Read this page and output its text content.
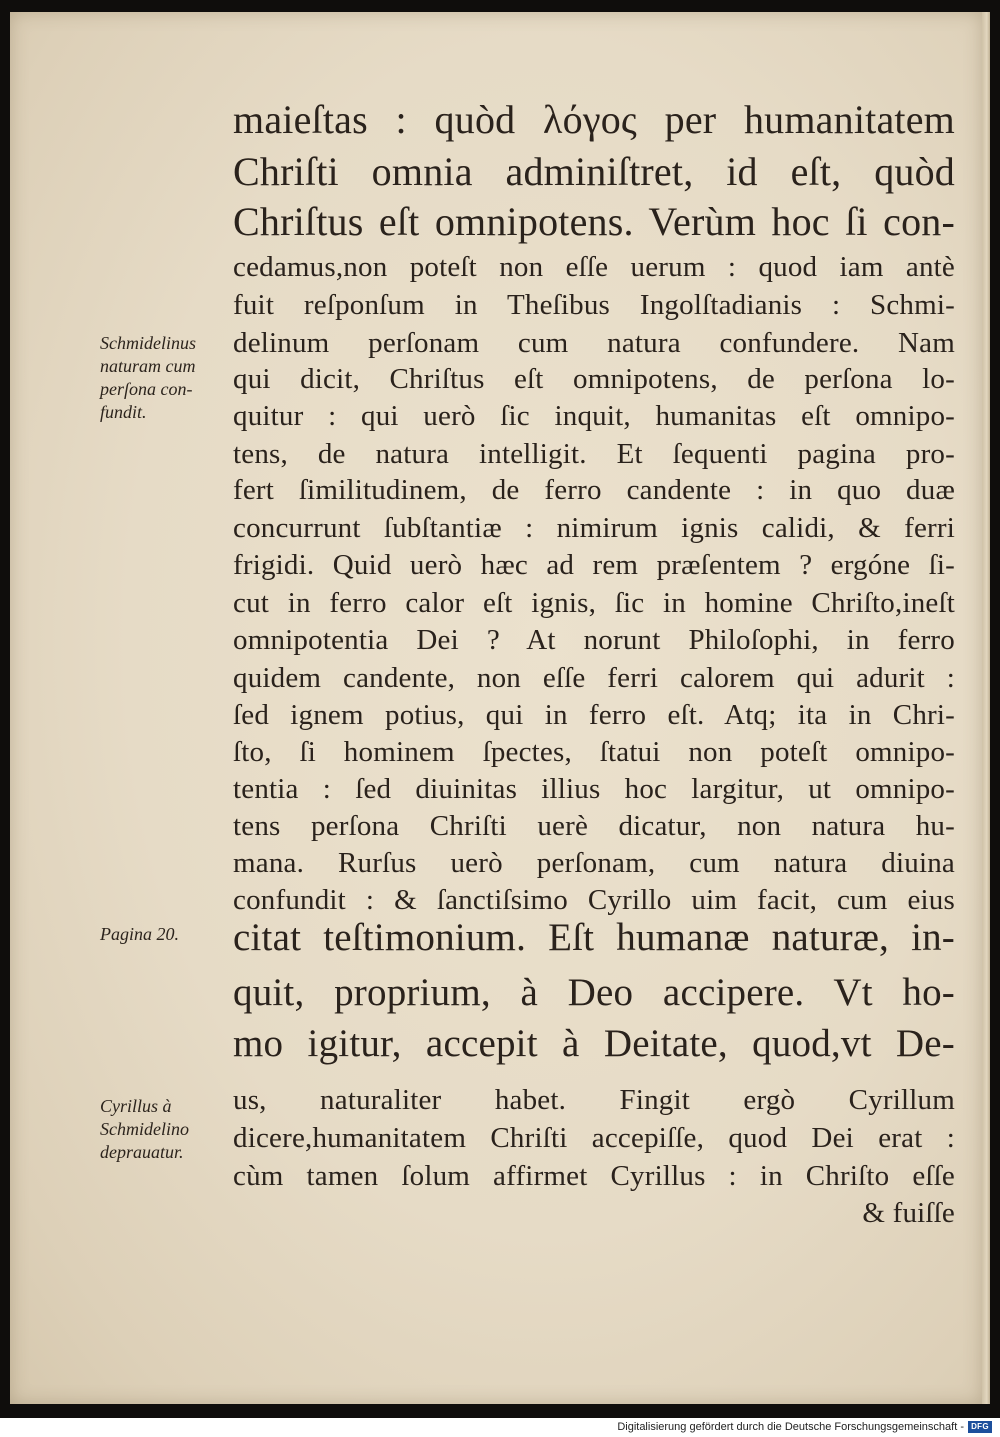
maieſtas : quòd λόγος per humanitatem
Chriſti omnia adminiſtret, id eſt, quòd
Chriſtus eſt omnipotens. Verùm hoc ſi con-
cedamus,non poteſt non eſſe uerum : quod iam antè
fuit reſponſum in Theſibus Ingolſtadianis : Schmi-
delinum perſonam cum natura confundere. Nam
qui dicit, Chriſtus eſt omnipotens, de perſona lo-
quitur : qui uerò ſic inquit, humanitas eſt omnipo-
tens, de natura intelligit. Et ſequenti pagina pro-
fert ſimilitudinem, de ferro candente : in quo duæ
concurrunt ſubſtantiæ : nimirum ignis calidi, & ferri
frigidi. Quid uerò hæc ad rem præſentem ? ergóne ſi-
cut in ferro calor eſt ignis, ſic in homine Chriſto,ineſt
omnipotentia Dei ? At norunt Philoſophi, in ferro
quidem candente, non eſſe ferri calorem qui adurit :
ſed ignem potius, qui in ferro eſt. Atq; ita in Chri-
ſto, ſi hominem ſpectes, ſtatui non poteſt omnipo-
tentia : ſed diuinitas illius hoc largitur, ut omnipo-
tens perſona Chriſti uerè dicatur, non natura hu-
mana. Rurſus uerò perſonam, cum natura diuina
confundit : & ſanctiſsimo Cyrillo uim facit, cum eius
citat teſtimonium. Eſt humanæ naturæ, in-
quit, proprium, à Deo accipere. Vt ho-
mo igitur, accepit à Deitate, quod,vt De-
us, naturaliter habet. Fingit ergò Cyrillum
dicere,humanitatem Chriſti accepiſſe, quod Dei erat :
cùm tamen ſolum affirmet Cyrillus : in Chriſto eſſe
& fuiſſe
Schmidelinus
naturam cum
perſona con-
fundit.
Pagina 20.
Cyrillus à
Schmidelino
deprauatur.
Digitalisierung gefördert durch die Deutsche Forschungsgemeinschaft - DFG
